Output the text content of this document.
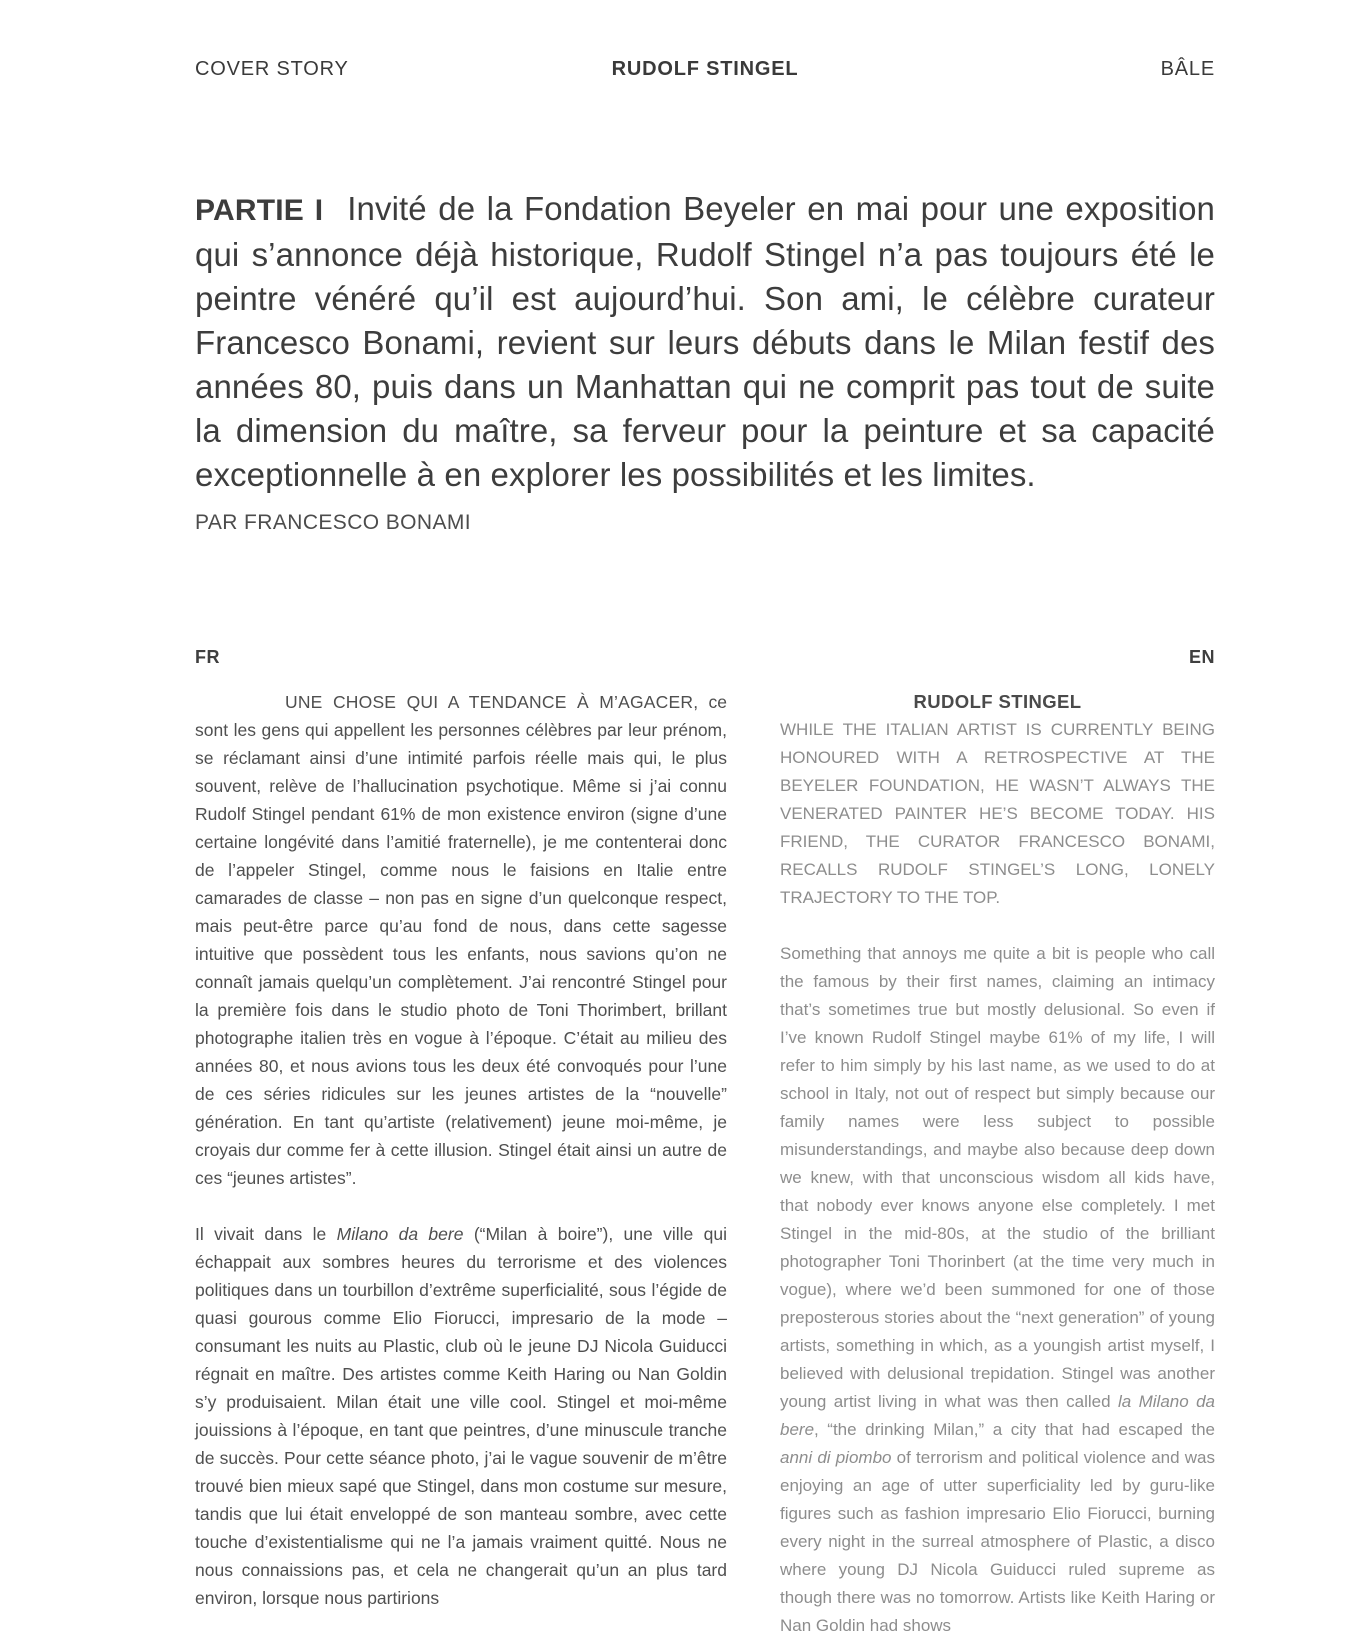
COVER STORY	RUDOLF STINGEL	BÂLE

PARTIE I Invité de la Fondation Beyeler en mai pour une exposition qui s’annonce déjà historique, Rudolf Stingel n’a pas toujours été le peintre vénéré qu’il est aujourd’hui. Son ami, le célèbre curateur Francesco Bonami, revient sur leurs débuts dans le Milan festif des années 80, puis dans un Manhattan qui ne comprit pas tout de suite la dimension du maître, sa ferveur pour la peinture et sa capacité exceptionnelle à en explorer les possibilités et les limites.

PAR FRANCESCO BONAMI

FR

UNE CHOSE QUI A TENDANCE À M’AGACER, ce sont les gens qui appellent les personnes célèbres par leur prénom, se réclamant ainsi d’une intimité parfois réelle mais qui, le plus souvent, relève de l’hallucination psychotique. Même si j’ai connu Rudolf Stingel pendant 61% de mon existence environ (signe d’une certaine longévité dans l’amitié fraternelle), je me contenterai donc de l’appeler Stingel, comme nous le faisions en Italie entre camarades de classe – non pas en signe d’un quelconque respect, mais peut-être parce qu’au fond de nous, dans cette sagesse intuitive que possèdent tous les enfants, nous savions qu’on ne connaît jamais quelqu’un complètement. J’ai rencontré Stingel pour la première fois dans le studio photo de Toni Thorimbert, brillant photographe italien très en vogue à l’époque. C’était au milieu des années 80, et nous avions tous les deux été convoqués pour l’une de ces séries ridicules sur les jeunes artistes de la “nouvelle” génération. En tant qu’artiste (relativement) jeune moi-même, je croyais dur comme fer à cette illusion. Stingel était ainsi un autre de ces “jeunes artistes”.

Il vivait dans le Milano da bere (“Milan à boire”), une ville qui échappait aux sombres heures du terrorisme et des violences politiques dans un tourbillon d’extrême superficialité, sous l’égide de quasi gourous comme Elio Fiorucci, impresario de la mode – consumant les nuits au Plastic, club où le jeune DJ Nicola Guiducci régnait en maître. Des artistes comme Keith Haring ou Nan Goldin s’y produisaient. Milan était une ville cool. Stingel et moi-même jouissions à l’époque, en tant que peintres, d’une minuscule tranche de succès. Pour cette séance photo, j’ai le vague souvenir de m’être trouvé bien mieux sapé que Stingel, dans mon costume sur mesure, tandis que lui était enveloppé de son manteau sombre, avec cette touche d’existentialisme qui ne l’a jamais vraiment quitté. Nous ne nous connaissions pas, et cela ne changerait qu’un an plus tard environ, lorsque nous partirions

EN
RUDOLF STINGEL

WHILE THE ITALIAN ARTIST IS CURRENTLY BEING HONOURED WITH A RETROSPECTIVE AT THE BEYELER FOUNDATION, HE WASN’T ALWAYS THE VENERATED PAINTER HE’S BECOME TODAY. HIS FRIEND, THE CURATOR FRANCESCO BONAMI, RECALLS RUDOLF STINGEL’S LONG, LONELY TRAJECTORY TO THE TOP.

Something that annoys me quite a bit is people who call the famous by their first names, claiming an intimacy that’s sometimes true but mostly delusional. So even if I’ve known Rudolf Stingel maybe 61% of my life, I will refer to him simply by his last name, as we used to do at school in Italy, not out of respect but simply because our family names were less subject to possible misunderstandings, and maybe also because deep down we knew, with that unconscious wisdom all kids have, that nobody ever knows anyone else completely. I met Stingel in the mid-80s, at the studio of the brilliant photographer Toni Thorinbert (at the time very much in vogue), where we’d been summoned for one of those preposterous stories about the “next generation” of young artists, something in which, as a youngish artist myself, I believed with delusional trepidation. Stingel was another young artist living in what was then called la Milano da bere, “the drinking Milan,” a city that had escaped the anni di piombo of terrorism and political violence and was enjoying an age of utter superficiality led by guru-like figures such as fashion impresario Elio Fiorucci, burning every night in the surreal atmosphere of Plastic, a disco where young DJ Nicola Guiducci ruled supreme as though there was no tomorrow. Artists like Keith Haring or Nan Goldin had shows
